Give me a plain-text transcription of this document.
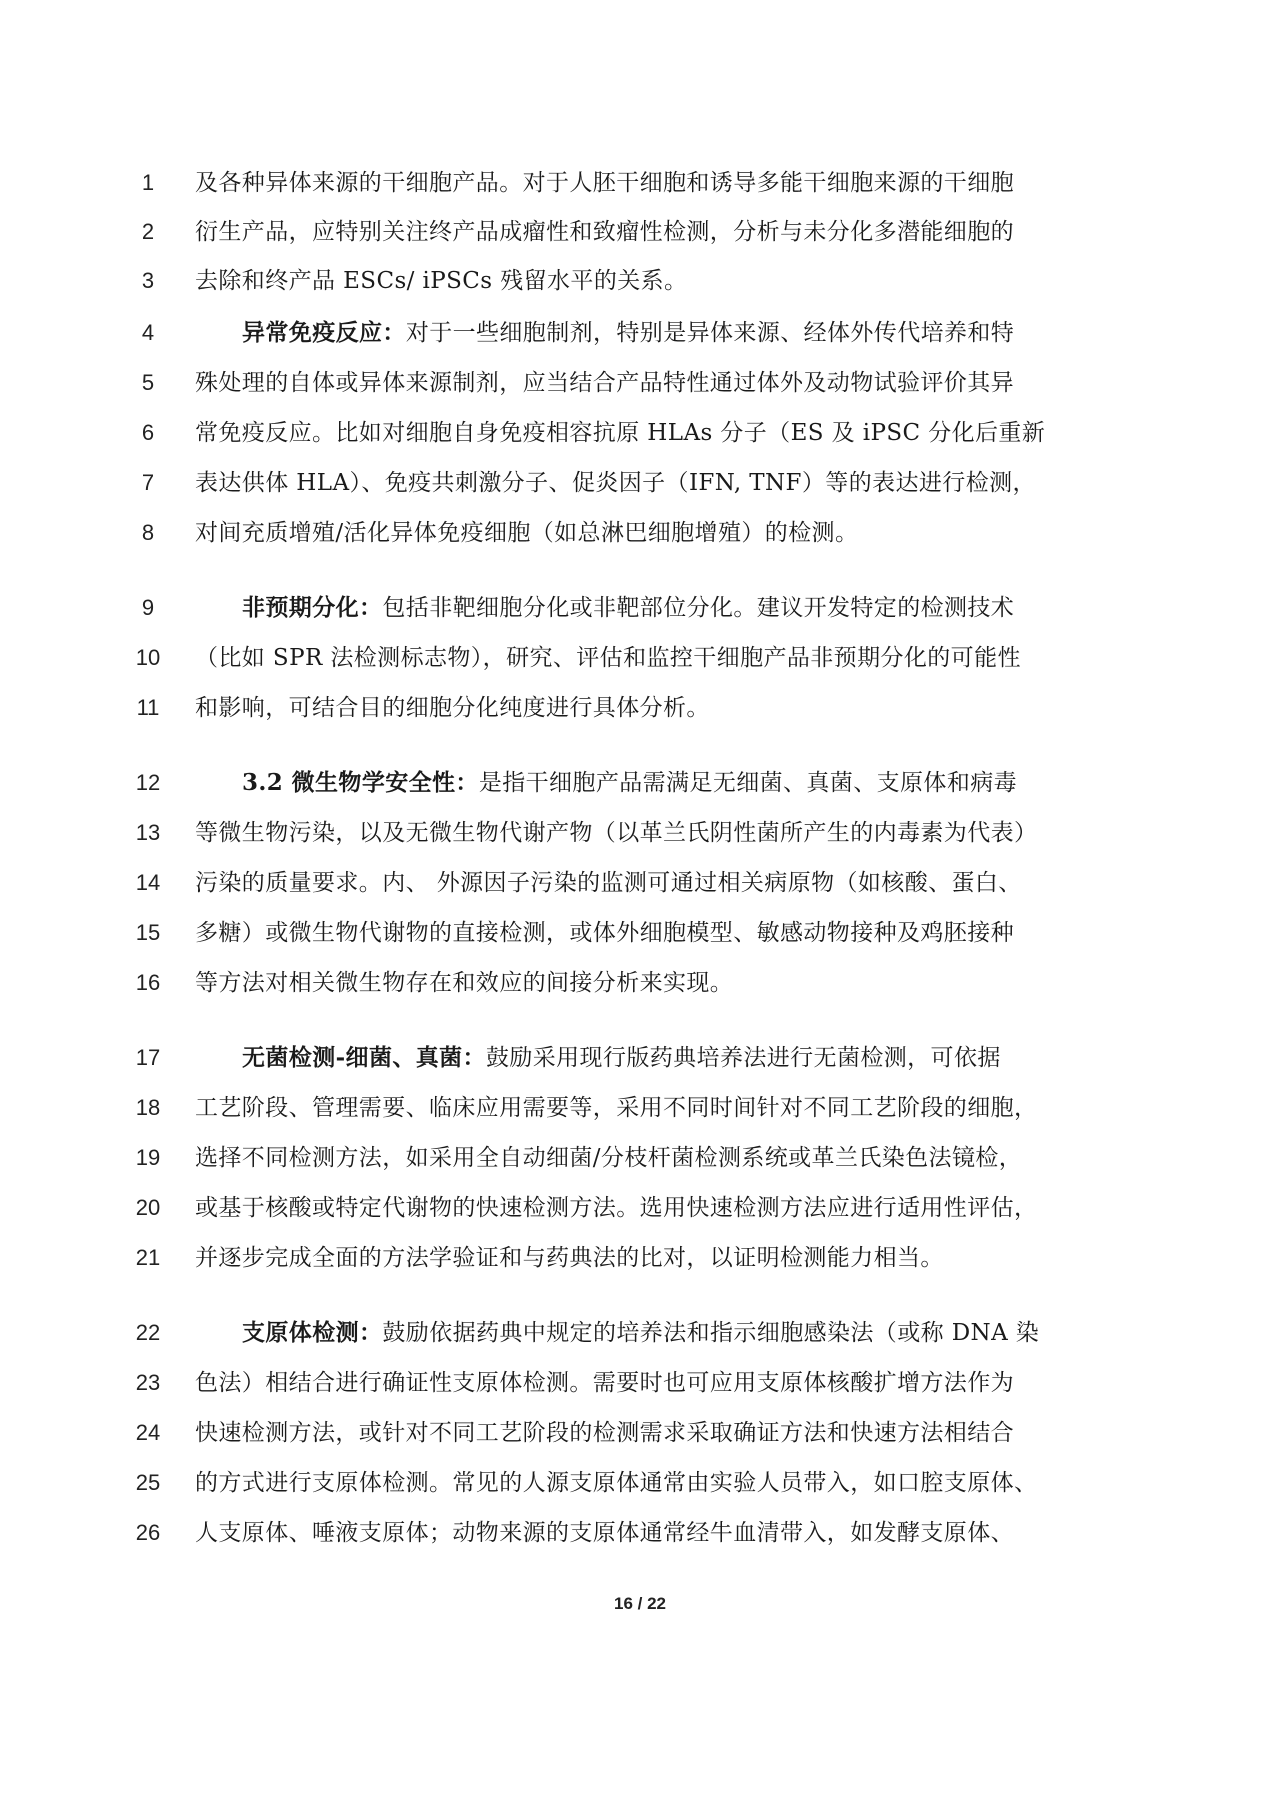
1	及各种异体来源的干细胞产品。对于人胚干细胞和诱导多能干细胞来源的干细胞
2	衍生产品，应特别关注终产品成瘤性和致瘤性检测，分析与未分化多潜能细胞的
3	去除和终产品 ESCs/ iPSCs 残留水平的关系。
4	异常免疫反应：对于一些细胞制剂，特别是异体来源、经体外传代培养和特
5	殊处理的自体或异体来源制剂，应当结合产品特性通过体外及动物试验评价其异
6	常免疫反应。比如对细胞自身免疫相容抗原 HLAs 分子（ES 及 iPSC 分化后重新
7	表达供体 HLA）、免疫共刺激分子、促炎因子（IFN, TNF）等的表达进行检测，
8	对间充质增殖/活化异体免疫细胞（如总淋巴细胞增殖）的检测。
9	非预期分化：包括非靶细胞分化或非靶部位分化。建议开发特定的检测技术
10	（比如 SPR 法检测标志物），研究、评估和监控干细胞产品非预期分化的可能性
11	和影响，可结合目的细胞分化纯度进行具体分析。
12	3.2 微生物学安全性：是指干细胞产品需满足无细菌、真菌、支原体和病毒
13	等微生物污染，以及无微生物代谢产物（以革兰氏阴性菌所产生的内毒素为代表）
14	污染的质量要求。内、 外源因子污染的监测可通过相关病原物（如核酸、蛋白、
15	多糖）或微生物代谢物的直接检测，或体外细胞模型、敏感动物接种及鸡胚接种
16	等方法对相关微生物存在和效应的间接分析来实现。
17	无菌检测-细菌、真菌：鼓励采用现行版药典培养法进行无菌检测，可依据
18	工艺阶段、管理需要、临床应用需要等，采用不同时间针对不同工艺阶段的细胞，
19	选择不同检测方法，如采用全自动细菌/分枝杆菌检测系统或革兰氏染色法镜检，
20	或基于核酸或特定代谢物的快速检测方法。选用快速检测方法应进行适用性评估，
21	并逐步完成全面的方法学验证和与药典法的比对，以证明检测能力相当。
22	支原体检测：鼓励依据药典中规定的培养法和指示细胞感染法（或称 DNA 染
23	色法）相结合进行确证性支原体检测。需要时也可应用支原体核酸扩增方法作为
24	快速检测方法，或针对不同工艺阶段的检测需求采取确证方法和快速方法相结合
25	的方式进行支原体检测。常见的人源支原体通常由实验人员带入，如口腔支原体、
26	人支原体、唾液支原体；动物来源的支原体通常经牛血清带入，如发酵支原体、
16 / 22
